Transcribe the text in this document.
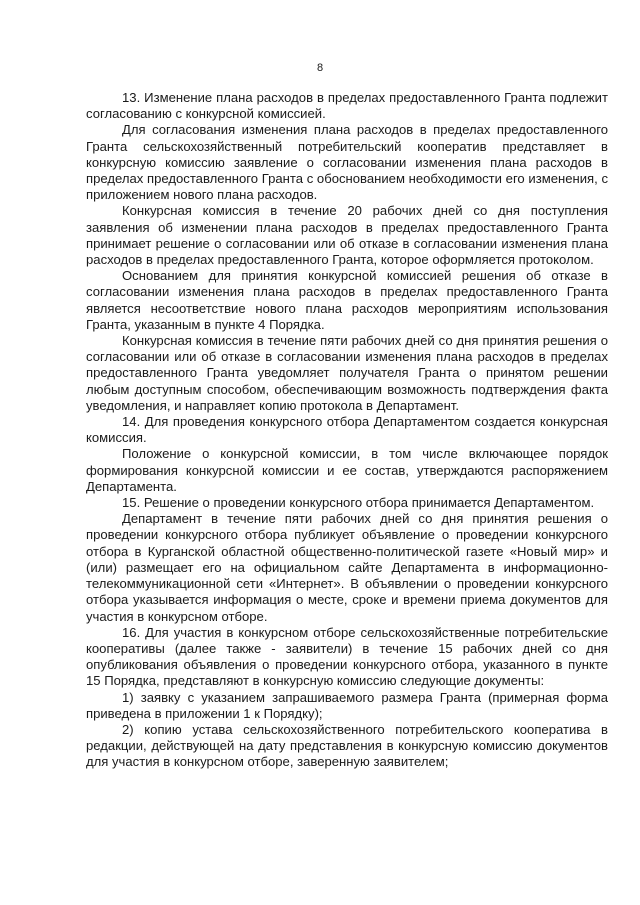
8

13. Изменение плана расходов в пределах предоставленного Гранта подлежит согласованию с конкурсной комиссией.

Для согласования изменения плана расходов в пределах предоставленного Гранта сельскохозяйственный потребительский кооператив представляет в конкурсную комиссию заявление о согласовании изменения плана расходов в пределах предоставленного Гранта с обоснованием необходимости его изменения, с приложением нового плана расходов.

Конкурсная комиссия в течение 20 рабочих дней со дня поступления заявления об изменении плана расходов в пределах предоставленного Гранта принимает решение о согласовании или об отказе в согласовании изменения плана расходов в пределах предоставленного Гранта, которое оформляется протоколом.

Основанием для принятия конкурсной комиссией решения об отказе в согласовании изменения плана расходов в пределах предоставленного Гранта является несоответствие нового плана расходов мероприятиям использования Гранта, указанным в пункте 4 Порядка.

Конкурсная комиссия в течение пяти рабочих дней со дня принятия решения о согласовании или об отказе в согласовании изменения плана расходов в пределах предоставленного Гранта уведомляет получателя Гранта о принятом решении любым доступным способом, обеспечивающим возможность подтверждения факта уведомления, и направляет копию протокола в Департамент.

14. Для проведения конкурсного отбора Департаментом создается конкурсная комиссия.

Положение о конкурсной комиссии, в том числе включающее порядок формирования конкурсной комиссии и ее состав, утверждаются распоряжением Департамента.

15. Решение о проведении конкурсного отбора принимается Департаментом.

Департамент в течение пяти рабочих дней со дня принятия решения о проведении конкурсного отбора публикует объявление о проведении конкурсного отбора в Курганской областной общественно-политической газете «Новый мир» и (или) размещает его на официальном сайте Департамента в информационно-телекоммуникационной сети «Интернет». В объявлении о проведении конкурсного отбора указывается информация о месте, сроке и времени приема документов для участия в конкурсном отборе.

16. Для участия в конкурсном отборе сельскохозяйственные потребительские кооперативы (далее также - заявители) в течение 15 рабочих дней со дня опубликования объявления о проведении конкурсного отбора, указанного в пункте 15 Порядка, представляют в конкурсную комиссию следующие документы:

1) заявку с указанием запрашиваемого размера Гранта (примерная форма приведена в приложении 1 к Порядку);

2) копию устава сельскохозяйственного потребительского кооператива в редакции, действующей на дату представления в конкурсную комиссию документов для участия в конкурсном отборе, заверенную заявителем;
